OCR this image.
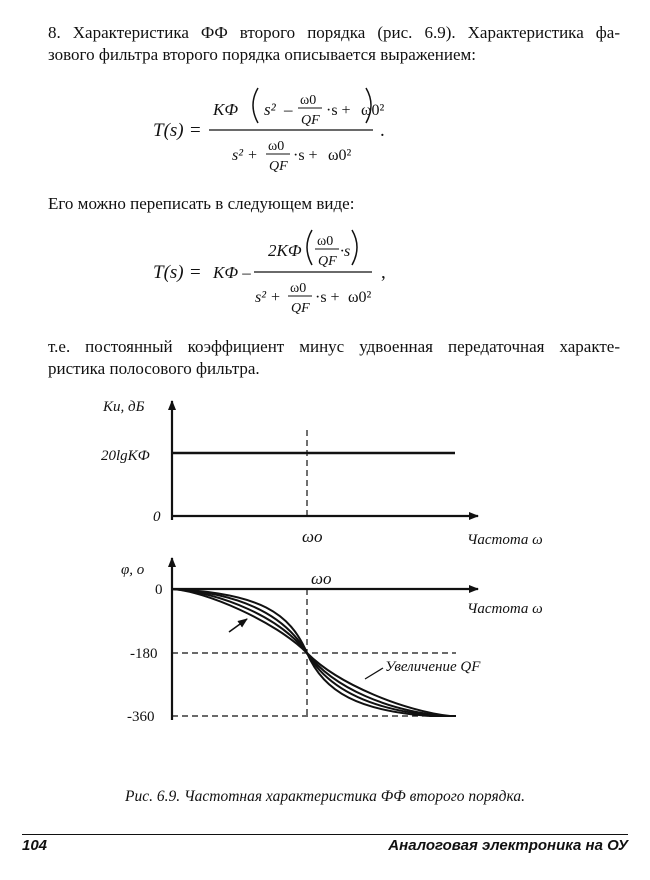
8. Характеристика ФФ второго порядка (рис. 6.9). Характеристика фа-
зового фильтра второго порядка описывается выражением:
T(s) =
KФ s² – ω0
QF
·s + ω0²
s² +
ω0
QF
·s + ω0²
.
Его можно переписать в следующем виде:
T(s) = KФ –
2KФ ω0
QF
·s
s² +
ω0
QF
·s + ω0²
,
т.е. постоянный коэффициент минус удвоенная передаточная характе-
ристика полосового фильтра.
Ku, дБ
20lgKФ
0
ωo	Частота ω
φ, о
0
-180
-360
ωo
Частота ω
Увеличение QF
Рис. 6.9. Частотная характеристика ФФ второго порядка.
104	Аналоговая электроника на ОУ
